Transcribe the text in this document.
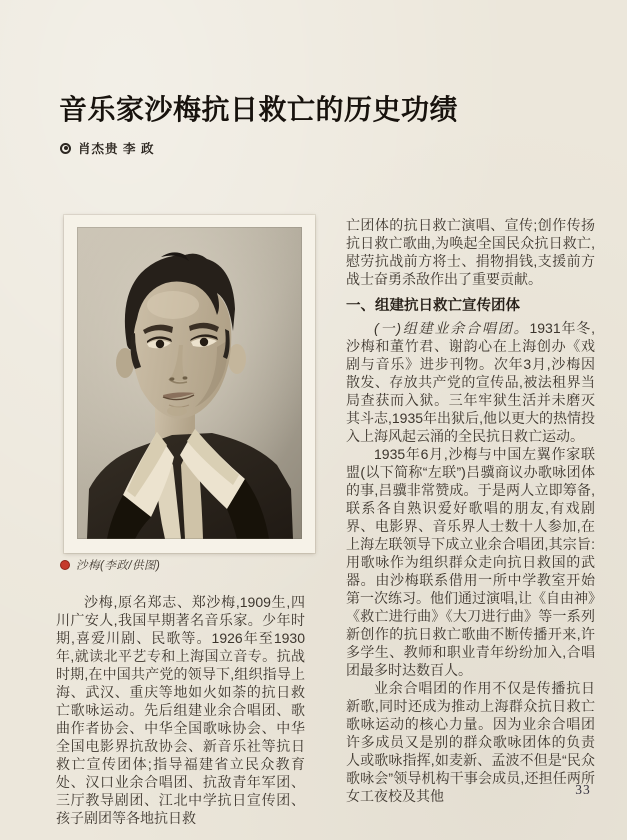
音乐家沙梅抗日救亡的历史功绩
肖杰贵 李 政
沙梅(李政/供图)

沙梅,原名郑志、郑沙梅,1909生,四川广安人,我国早期著名音乐家。少年时期,喜爱川剧、民歌等。1926年至1930年,就读北平艺专和上海国立音专。抗战时期,在中国共产党的领导下,组织指导上海、武汉、重庆等地如火如荼的抗日救亡歌咏运动。先后组建业余合唱团、歌曲作者协会、中华全国歌咏协会、中华全国电影界抗敌协会、新音乐社等抗日救亡宣传团体;指导福建省立民众教育处、汉口业余合唱团、抗敌青年军团、三厅教导剧团、江北中学抗日宣传团、孩子剧团等各地抗日救

亡团体的抗日救亡演唱、宣传;创作传扬抗日救亡歌曲,为唤起全国民众抗日救亡,慰劳抗战前方将士、捐物捐钱,支援前方战士奋勇杀敌作出了重要贡献。

一、组建抗日救亡宣传团体

(一)组建业余合唱团。1931年冬,沙梅和董竹君、谢韵心在上海创办《戏剧与音乐》进步刊物。次年3月,沙梅因散发、存放共产党的宣传品,被法租界当局查获而入狱。三年牢狱生活并未磨灭其斗志,1935年出狱后,他以更大的热情投入上海风起云涌的全民抗日救亡运动。

1935年6月,沙梅与中国左翼作家联盟(以下简称“左联”)吕骥商议办歌咏团体的事,吕骥非常赞成。于是两人立即筹备,联系各自熟识爱好歌唱的朋友,有戏剧界、电影界、音乐界人士数十人参加,在上海左联领导下成立业余合唱团,其宗旨:用歌咏作为组织群众走向抗日救国的武器。由沙梅联系借用一所中学教室开始第一次练习。他们通过演唱,让《自由神》《救亡进行曲》《大刀进行曲》等一系列新创作的抗日救亡歌曲不断传播开来,许多学生、教师和职业青年纷纷加入,合唱团最多时达数百人。

业余合唱团的作用不仅是传播抗日新歌,同时还成为推动上海群众抗日救亡歌咏运动的核心力量。因为业余合唱团许多成员又是别的群众歌咏团体的负责人或歌咏指挥,如麦新、孟波不但是“民众歌咏会”领导机构干事会成员,还担任两所女工夜校及其他	33
